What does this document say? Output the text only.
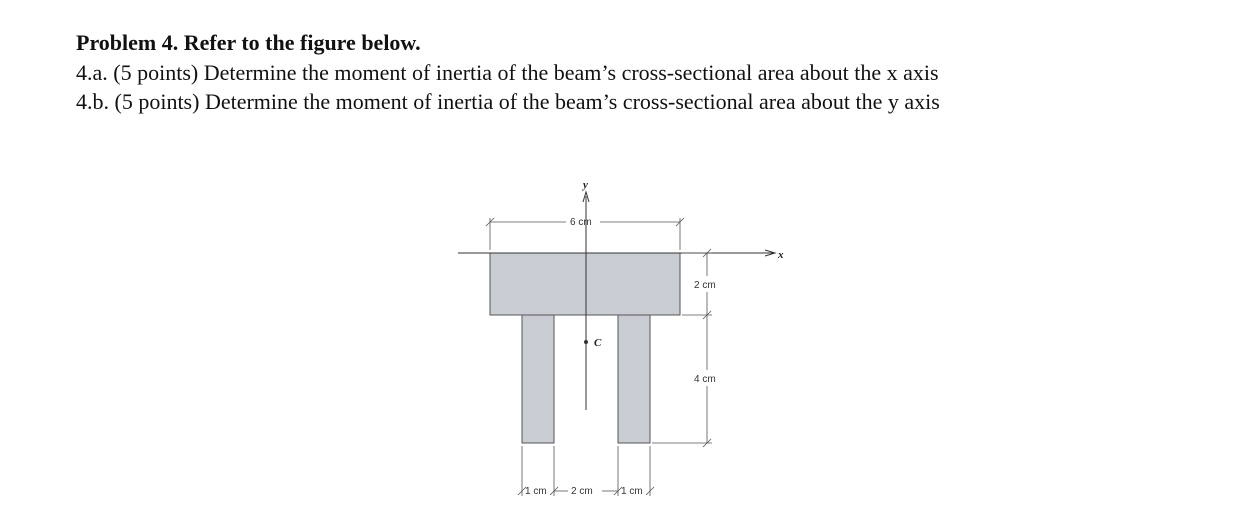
Problem 4. Refer to the figure below.

4.a. (5 points) Determine the moment of inertia of the beam’s cross-sectional area about the x axis

4.b. (5 points) Determine the moment of inertia of the beam’s cross-sectional area about the y axis

x
y
C
6 cm
2 cm
4 cm
1 cm 2 cm	1 cm
